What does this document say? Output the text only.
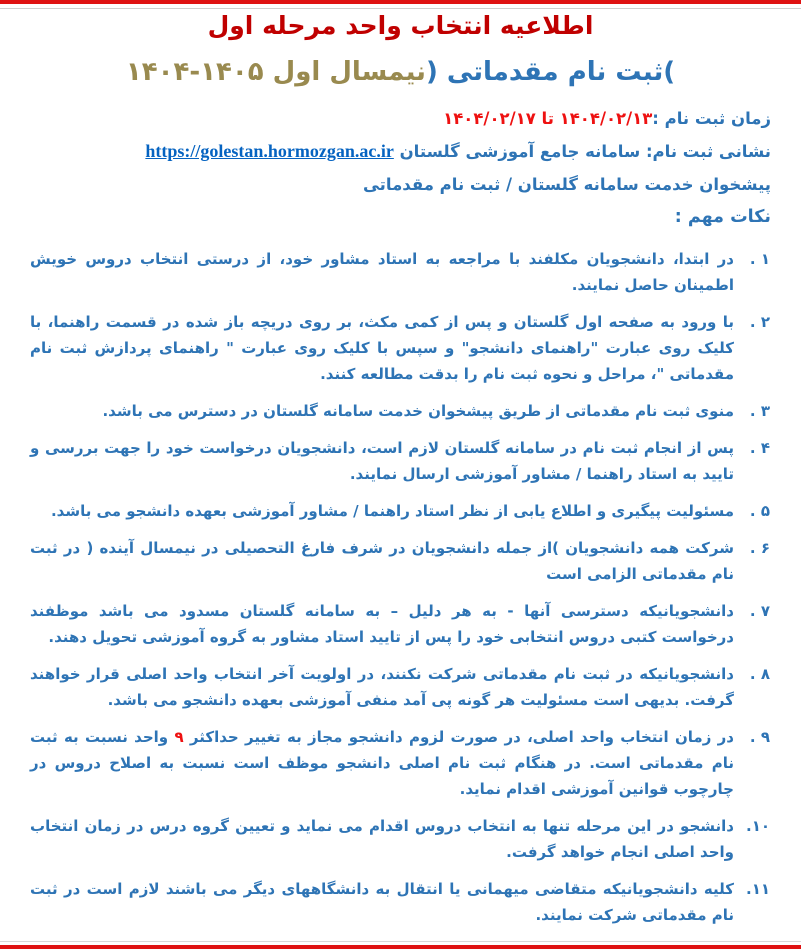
اطلاعیه انتخاب واحد مرحله اول
)ثبت نام مقدماتی (نیمسال اول ۱۴۰۵-۱۴۰۴
زمان ثبت نام :۱۴۰۴/۰۲/۱۳ تا ۱۴۰۴/۰۲/۱۷
نشانی ثبت نام: سامانه جامع آموزشی گلستان https://golestan.hormozgan.ac.ir
پیشخوان خدمت سامانه گلستان / ثبت نام مقدماتی
نکات مهم :
۱ .
در ابتدا، دانشجویان مکلفند با مراجعه به استاد مشاور خود، از درستی انتخاب دروس خویش اطمینان حاصل نمایند.
۲ .
با ورود به صفحه اول گلستان و پس از کمی مکث، بر روی دریچه باز شده در قسمت راهنما، با کلیک روی عبارت "راهنمای دانشجو" و سپس با کلیک روی عبارت " راهنمای پردازش ثبت نام مقدماتی "، مراحل و نحوه ثبت نام را بدقت مطالعه کنند.
۳ .
منوی ثبت نام مقدماتی از طریق پیشخوان خدمت سامانه گلستان در دسترس می باشد.
۴ .
پس از انجام ثبت نام در سامانه گلستان لازم است، دانشجویان درخواست خود را جهت بررسی و تایید به استاد راهنما / مشاور آموزشی ارسال نمایند.
۵ .
مسئولیت پیگیری و اطلاع یابی از نظر استاد راهنما / مشاور آموزشی بعهده دانشجو می باشد.
۶ .
شرکت همه دانشجویان )از جمله دانشجویان در شرف فارغ التحصیلی در نیمسال آینده ( در ثبت نام مقدماتی الزامی است
۷ .
دانشجویانیکه دسترسی آنها - به هر دلیل – به سامانه گلستان مسدود می باشد موظفند درخواست کتبی دروس انتخابی خود را پس از تایید استاد مشاور به گروه آموزشی تحویل دهند.
۸ .
دانشجویانیکه در ثبت نام مقدماتی شرکت نکنند، در اولویت آخر انتخاب واحد اصلی قرار خواهند گرفت. بدیهی است مسئولیت هر گونه پی آمد منفی آموزشی بعهده دانشجو می باشد.
۹ .
در زمان انتخاب واحد اصلی، در صورت لزوم دانشجو مجاز به تغییر حداکثر ۹ واحد نسبت به ثبت نام مقدماتی است. در هنگام ثبت نام اصلی دانشجو موظف است نسبت به اصلاح دروس در چارچوب قوانین آموزشی اقدام نماید.
۱۰.
دانشجو در این مرحله تنها به انتخاب دروس اقدام می نماید و تعیین گروه درس در زمان انتخاب واحد اصلی انجام خواهد گرفت.
۱۱.
کلیه دانشجویانیکه متقاضی میهمانی یا انتقال به دانشگاههای دیگر می باشند لازم است در ثبت نام مقدماتی شرکت نمایند.
